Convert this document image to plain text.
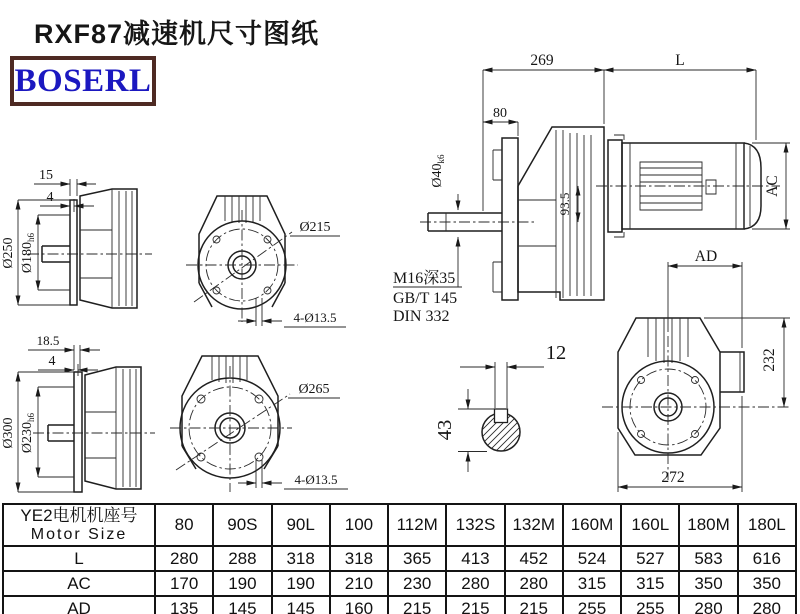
RXF87减速机尺寸图纸
BOSERL
15
4
Ø250 $Ø180_{h6}$
18.5
4
Ø300 $Ø230_{h6}$
Ø215
4-Ø13.5
Ø265
4-Ø13.5
93.5
AC
269	L
80
$Ø40_{k6}$
M16深35
GB/T 145
DIN 332
12
43
AD
232
272
YE2电机机座号
Motor Size	80	90S	90L	100	112M	132S	132M	160M	160L	180M	180L
L	280	288	318	318	365	413	452	524	527	583	616
AC	170	190	190	210	230	280	280	315	315	350	350
AD	135	145	145	160	215	215	215	255	255	280	280
